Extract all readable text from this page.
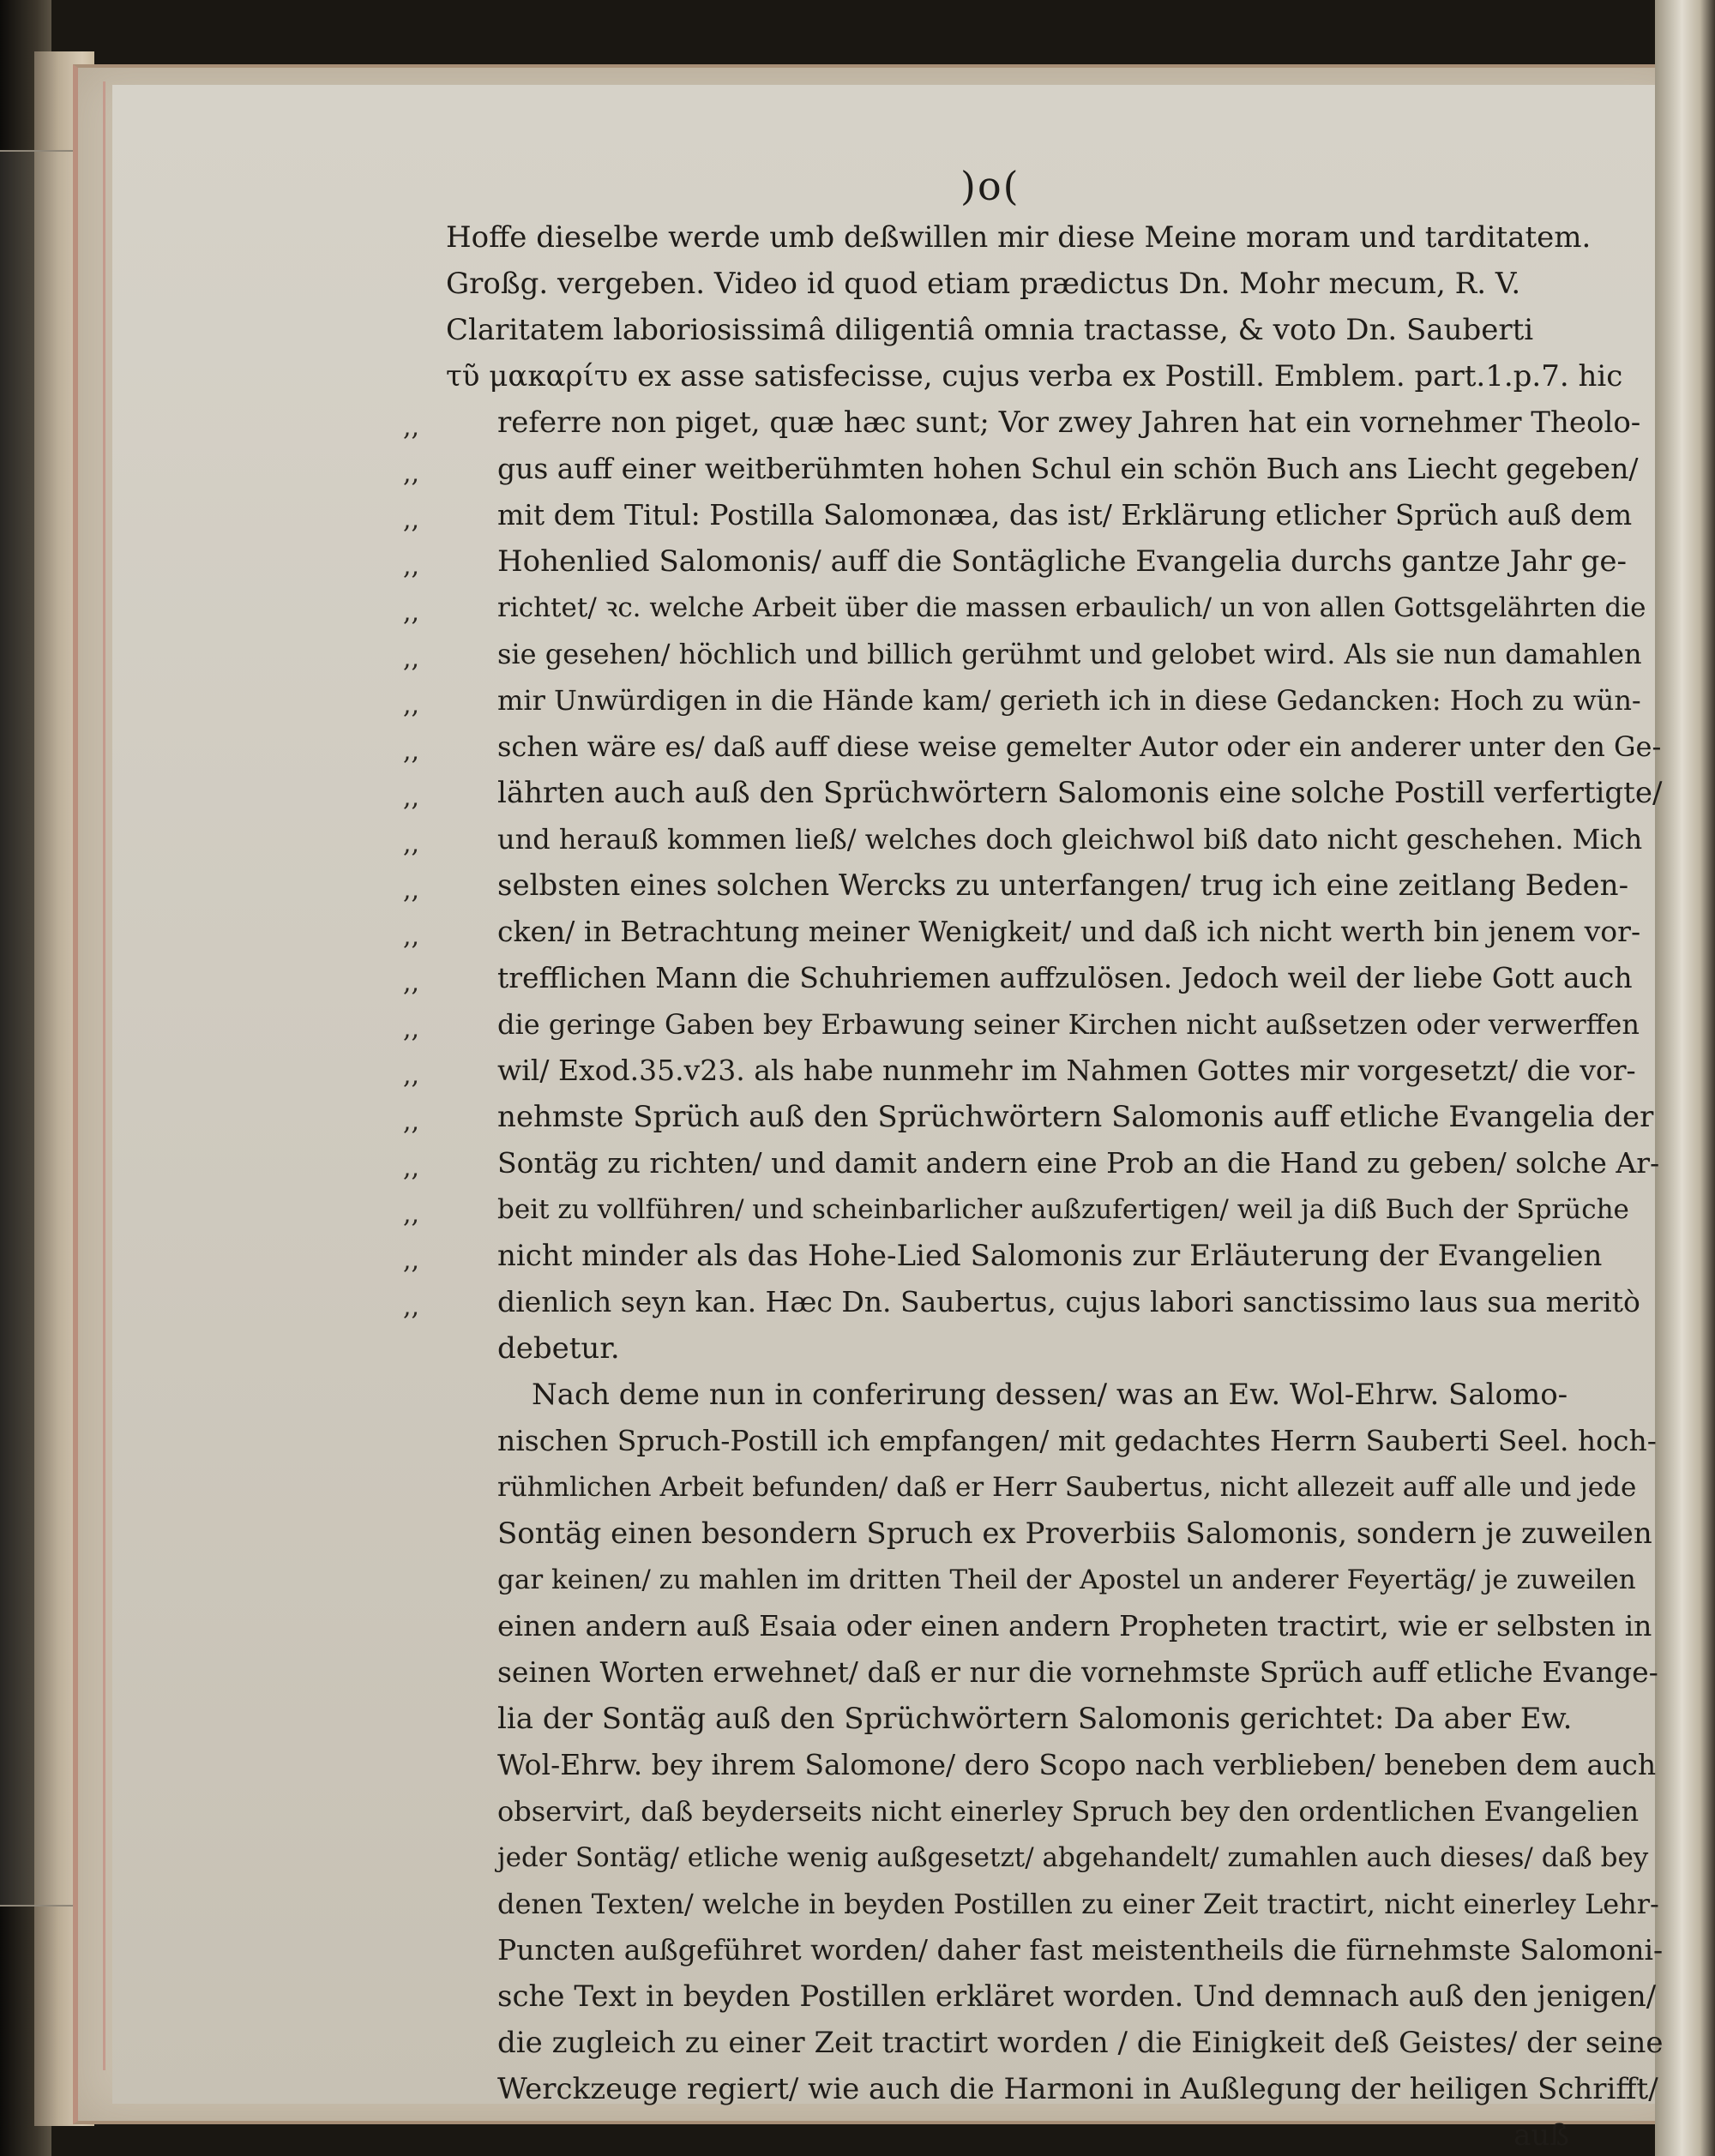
)o(
Hoffe dieselbe werde umb deßwillen mir diese Meine moram und tarditatem.
Großg. vergeben. Video id quod etiam prædictus Dn. Mohr mecum, R. V.
Claritatem laboriosissimâ diligentiâ omnia tractasse, & voto Dn. Sauberti
τῦ μακαρίτυ ex asse satisfecisse, cujus verba ex Postill. Emblem. part.1.p.7. hic
,,	referre non piget, quæ hæc sunt; Vor zwey Jahren hat ein vornehmer Theolo-
,,	gus auff einer weitberühmten hohen Schul ein schön Buch ans Liecht gegeben/
,,	mit dem Titul: Postilla Salomonæa, das ist/ Erklärung etlicher Sprüch auß dem
,,	Hohenlied Salomonis/ auff die Sontägliche Evangelia durchs gantze Jahr ge-
,,	richtet/ ꝛc. welche Arbeit über die massen erbaulich/ un von allen Gottsgelährten die
,,	sie gesehen/ höchlich und billich gerühmt und gelobet wird. Als sie nun damahlen
,,	mir Unwürdigen in die Hände kam/ gerieth ich in diese Gedancken: Hoch zu wün-
,,	schen wäre es/ daß auff diese weise gemelter Autor oder ein anderer unter den Ge-
,,	lährten auch auß den Sprüchwörtern Salomonis eine solche Postill verfertigte/
,,	und herauß kommen ließ/ welches doch gleichwol biß dato nicht geschehen. Mich
,,	selbsten eines solchen Wercks zu unterfangen/ trug ich eine zeitlang Beden-
,,	cken/ in Betrachtung meiner Wenigkeit/ und daß ich nicht werth bin jenem vor-
,,	trefflichen Mann die Schuhriemen auffzulösen. Jedoch weil der liebe Gott auch
,,	die geringe Gaben bey Erbawung seiner Kirchen nicht außsetzen oder verwerffen
,,	wil/ Exod.35.v23. als habe nunmehr im Nahmen Gottes mir vorgesetzt/ die vor-
,,	nehmste Sprüch auß den Sprüchwörtern Salomonis auff etliche Evangelia der
,,	Sontäg zu richten/ und damit andern eine Prob an die Hand zu geben/ solche Ar-
,,	beit zu vollführen/ und scheinbarlicher außzufertigen/ weil ja diß Buch der Sprüche
,,	nicht minder als das Hohe-Lied Salomonis zur Erläuterung der Evangelien
,,	dienlich seyn kan. Hæc Dn. Saubertus, cujus labori sanctissimo laus sua meritò
debetur.
Nach deme nun in conferirung dessen/ was an Ew. Wol-Ehrw. Salomo-
nischen Spruch-Postill ich empfangen/ mit gedachtes Herrn Sauberti Seel. hoch-
rühmlichen Arbeit befunden/ daß er Herr Saubertus, nicht allezeit auff alle und jede
Sontäg einen besondern Spruch ex Proverbiis Salomonis, sondern je zuweilen
gar keinen/ zu mahlen im dritten Theil der Apostel un anderer Feyertäg/ je zuweilen
einen andern auß Esaia oder einen andern Propheten tractirt, wie er selbsten in
seinen Worten erwehnet/ daß er nur die vornehmste Sprüch auff etliche Evange-
lia der Sontäg auß den Sprüchwörtern Salomonis gerichtet: Da aber Ew.
Wol-Ehrw. bey ihrem Salomone/ dero Scopo nach verblieben/ beneben dem auch
observirt, daß beyderseits nicht einerley Spruch bey den ordentlichen Evangelien
jeder Sontäg/ etliche wenig außgesetzt/ abgehandelt/ zumahlen auch dieses/ daß bey
denen Texten/ welche in beyden Postillen zu einer Zeit tractirt, nicht einerley Lehr-
Puncten außgeführet worden/ daher fast meistentheils die fürnehmste Salomoni-
sche Text in beyden Postillen erkläret worden. Und demnach auß den jenigen/
die zugleich zu einer Zeit tractirt worden / die Einigkeit deß Geistes/ der seine
Werckzeuge regiert/ wie auch die Harmoni in Außlegung der heiligen Schrifft/
auß
